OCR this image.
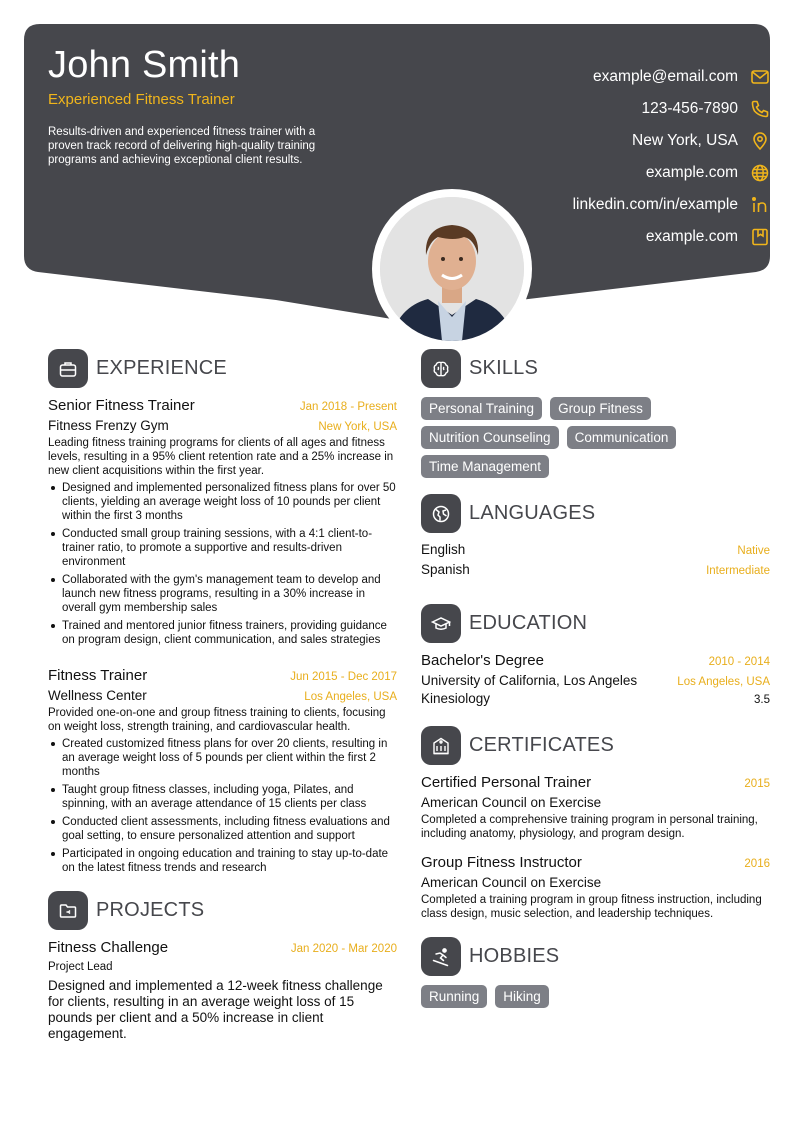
John Smith
Experienced Fitness Trainer
Results-driven and experienced fitness trainer with a proven track record of delivering high-quality training programs and achieving exceptional client results.
example@email.com
123-456-7890
New York, USA
example.com
linkedin.com/in/example
example.com
EXPERIENCE
Senior Fitness Trainer	Jan 2018 - Present
Fitness Frenzy Gym	New York, USA
Leading fitness training programs for clients of all ages and fitness levels, resulting in a 95% client retention rate and a 25% increase in new client acquisitions within the first year.
Designed and implemented personalized fitness plans for over 50 clients, yielding an average weight loss of 10 pounds per client within the first 3 months
Conducted small group training sessions, with a 4:1 client-to-trainer ratio, to promote a supportive and results-driven environment
Collaborated with the gym's management team to develop and launch new fitness programs, resulting in a 30% increase in overall gym membership sales
Trained and mentored junior fitness trainers, providing guidance on program design, client communication, and sales strategies
Fitness Trainer	Jun 2015 - Dec 2017
Wellness Center	Los Angeles, USA
Provided one-on-one and group fitness training to clients, focusing on weight loss, strength training, and cardiovascular health.
Created customized fitness plans for over 20 clients, resulting in an average weight loss of 5 pounds per client within the first 2 months
Taught group fitness classes, including yoga, Pilates, and spinning, with an average attendance of 15 clients per class
Conducted client assessments, including fitness evaluations and goal setting, to ensure personalized attention and support
Participated in ongoing education and training to stay up-to-date on the latest fitness trends and research
PROJECTS
Fitness Challenge	Jan 2020 - Mar 2020
Project Lead
Designed and implemented a 12-week fitness challenge for clients, resulting in an average weight loss of 15 pounds per client and a 50% increase in client engagement.
SKILLS
Personal Training	Group Fitness
Nutrition Counseling	Communication
Time Management
LANGUAGES
English	Native
Spanish	Intermediate
EDUCATION
Bachelor's Degree	2010 - 2014
University of California, Los Angeles	Los Angeles, USA
Kinesiology	3.5
CERTIFICATES
Certified Personal Trainer	2015
American Council on Exercise
Completed a comprehensive training program in personal training, including anatomy, physiology, and program design.
Group Fitness Instructor	2016
American Council on Exercise
Completed a training program in group fitness instruction, including class design, music selection, and leadership techniques.
HOBBIES
Running	Hiking
